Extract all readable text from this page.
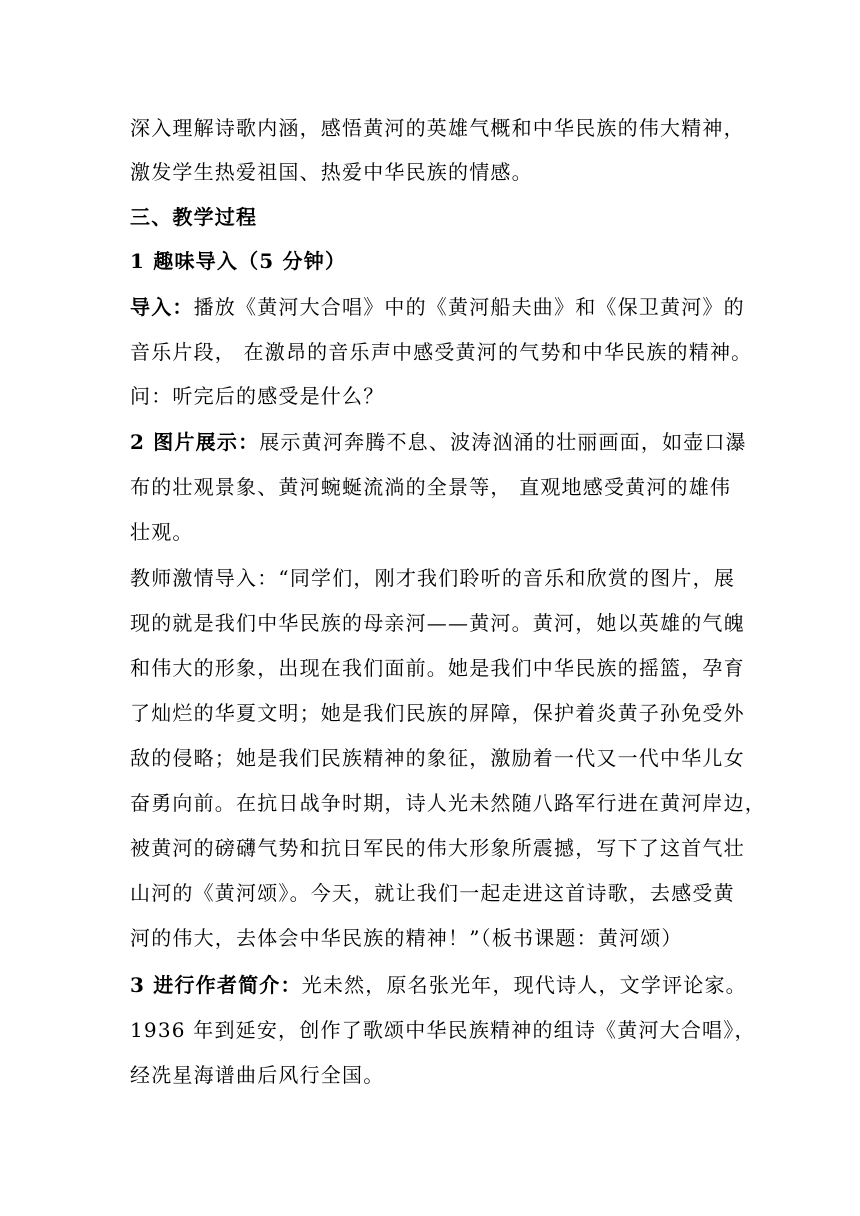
深入理解诗歌内涵，感悟黄河的英雄气概和中华民族的伟大精神，
激发学生热爱祖国、热爱中华民族的情感。
三、教学过程
1 趣味导入（5 分钟）
导入：播放《黄河大合唱》中的《黄河船夫曲》和《保卫黄河》的
音乐片段， 在激昂的音乐声中感受黄河的气势和中华民族的精神。
问：听完后的感受是什么？
2 图片展示：展示黄河奔腾不息、波涛汹涌的壮丽画面，如壶口瀑
布的壮观景象、黄河蜿蜒流淌的全景等， 直观地感受黄河的雄伟
壮观。
教师激情导入：“同学们，刚才我们聆听的音乐和欣赏的图片，展
现的就是我们中华民族的母亲河——黄河。黄河，她以英雄的气魄
和伟大的形象，出现在我们面前。她是我们中华民族的摇篮，孕育
了灿烂的华夏文明；她是我们民族的屏障，保护着炎黄子孙免受外
敌的侵略；她是我们民族精神的象征，激励着一代又一代中华儿女
奋勇向前。在抗日战争时期，诗人光未然随八路军行进在黄河岸边，
被黄河的磅礴气势和抗日军民的伟大形象所震撼，写下了这首气壮
山河的《黄河颂》。今天，就让我们一起走进这首诗歌，去感受黄
河的伟大，去体会中华民族的精神！”（板书课题：黄河颂）
3 进行作者简介：光未然，原名张光年，现代诗人，文学评论家。
1936 年到延安，创作了歌颂中华民族精神的组诗《黄河大合唱》，
经冼星海谱曲后风行全国。
